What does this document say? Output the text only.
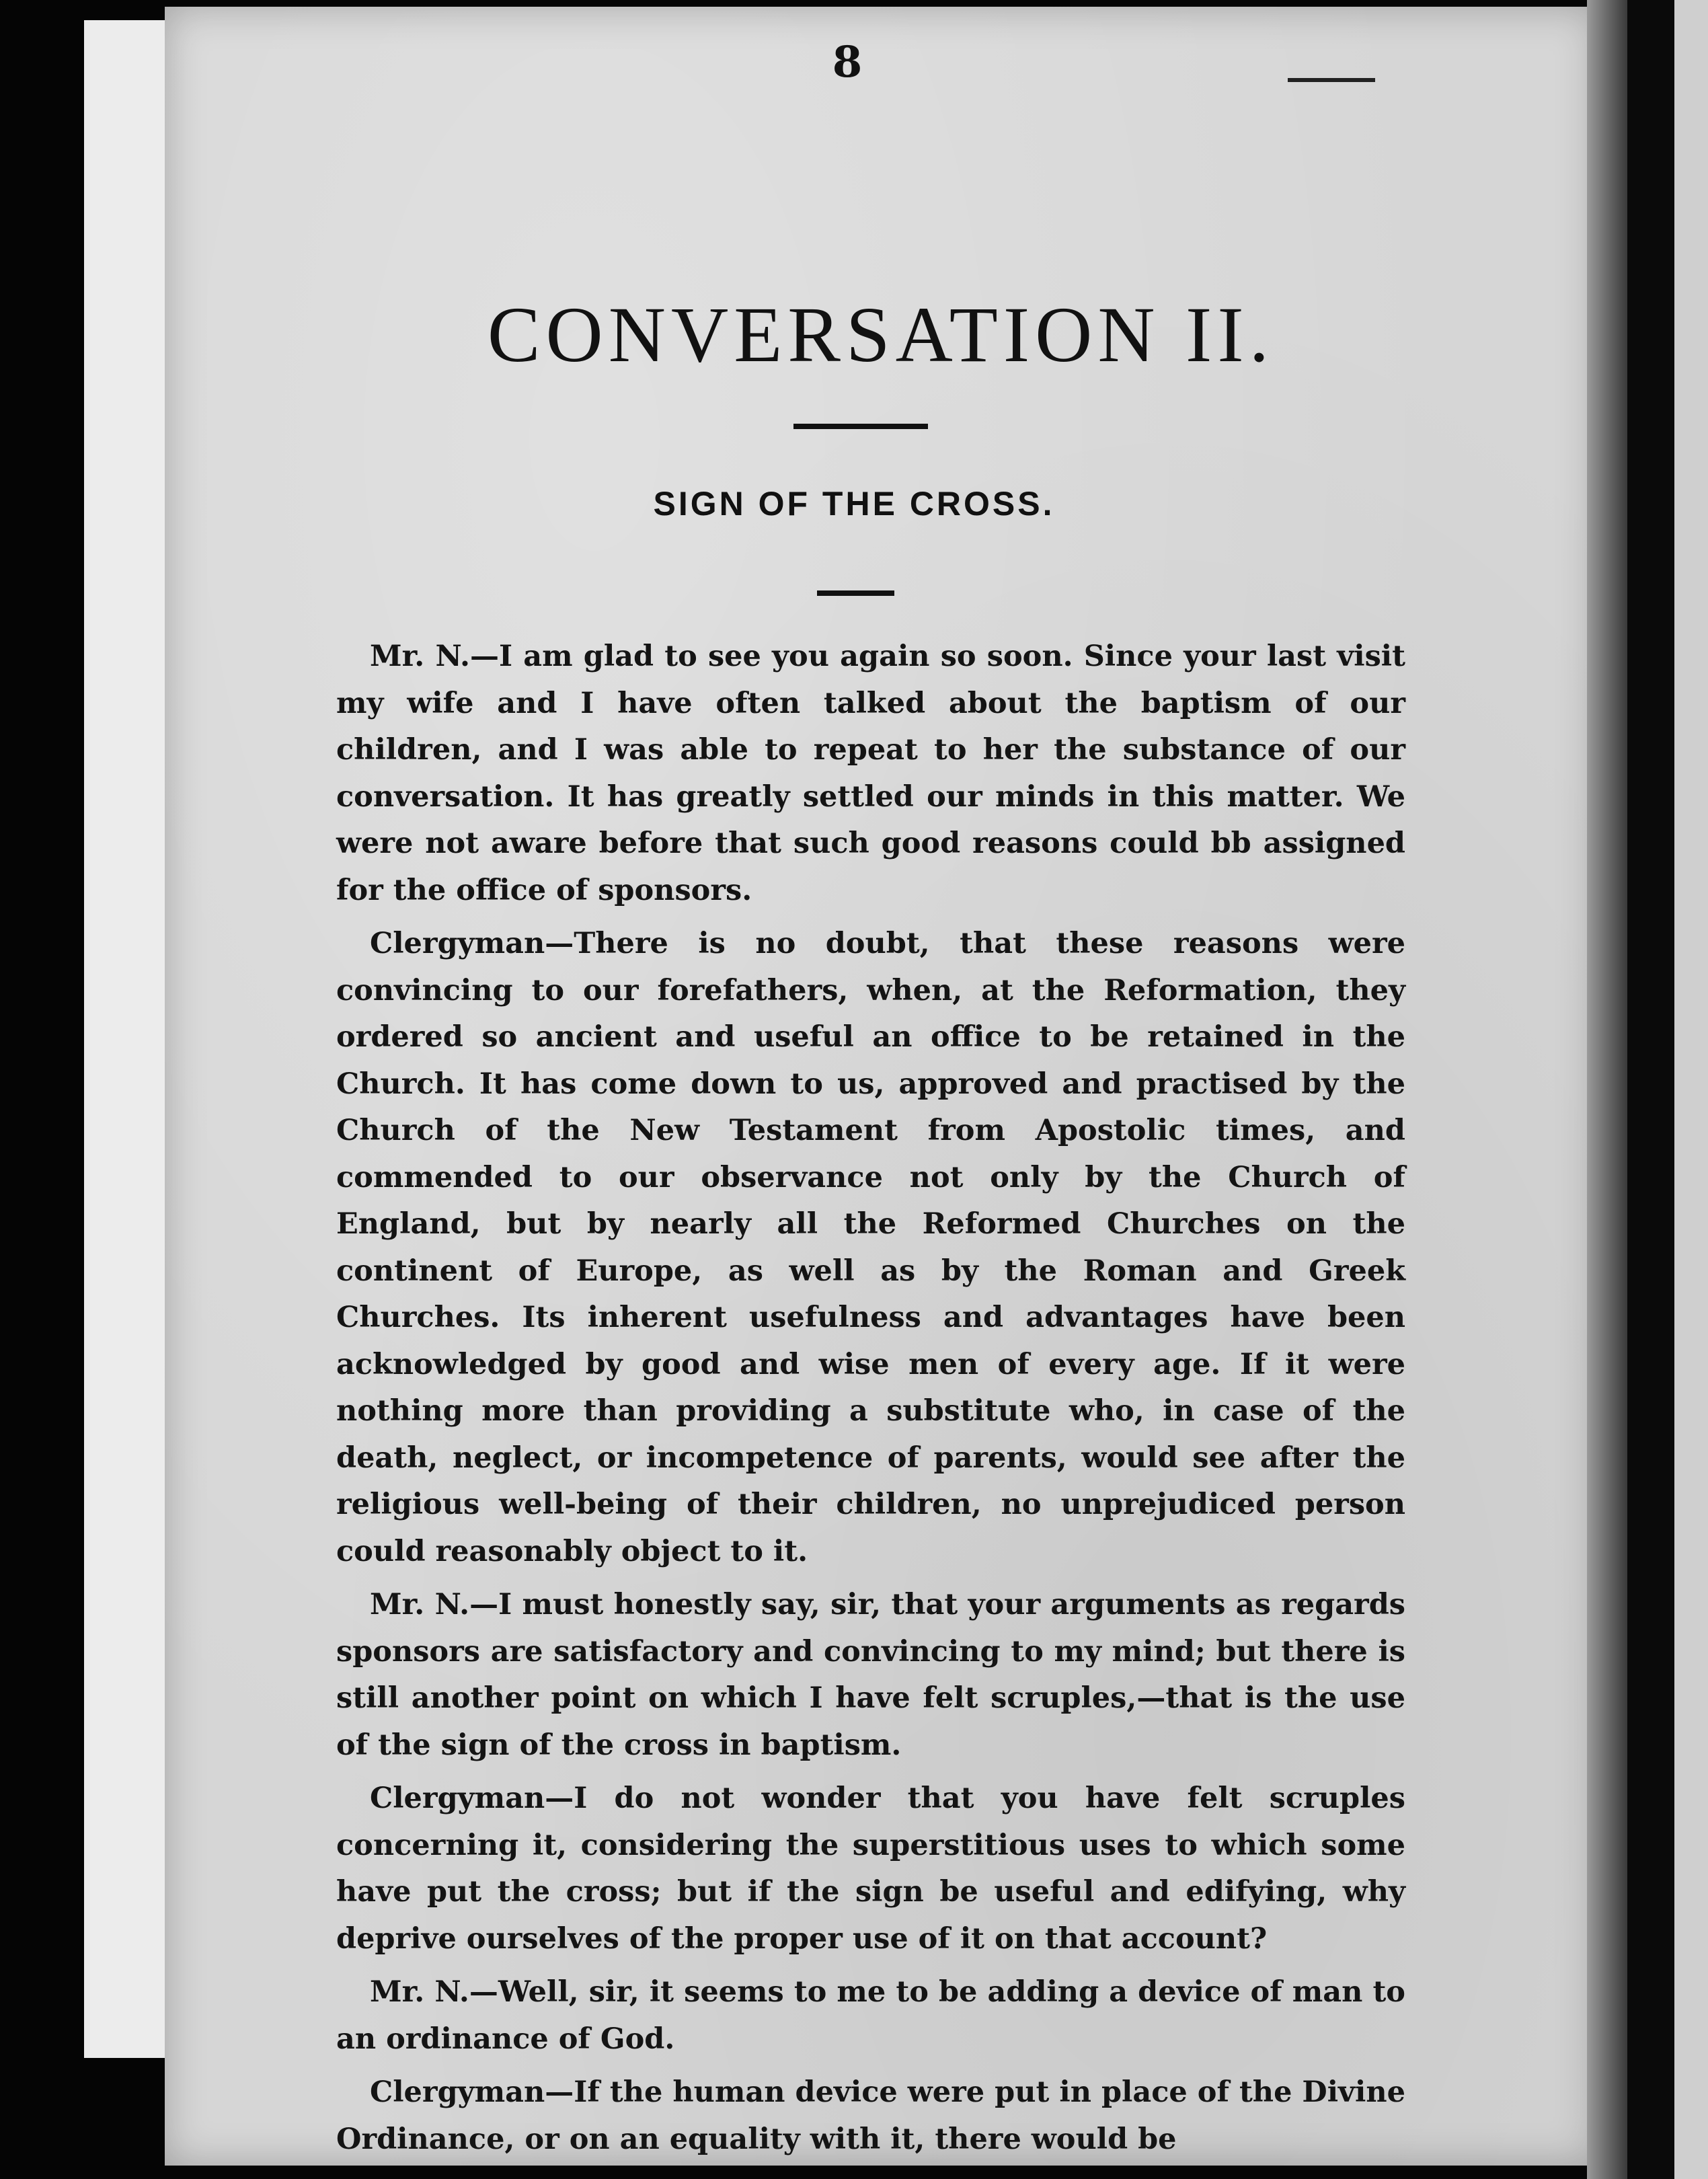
8
CONVERSATION II.
SIGN OF THE CROSS.

Mr. N.—I am glad to see you again so soon. Since your last visit my wife and I have often talked about the baptism of our children, and I was able to repeat to her the substance of our conversation. It has greatly settled our minds in this matter. We were not aware before that such good reasons could bb assigned for the office of sponsors.

Clergyman—There is no doubt, that these reasons were convincing to our forefathers, when, at the Reformation, they ordered so ancient and useful an office to be retained in the Church. It has come down to us, approved and practised by the Church of the New Testament from Apostolic times, and commended to our observance not only by the Church of England, but by nearly all the Reformed Churches on the continent of Europe, as well as by the Roman and Greek Churches. Its inherent usefulness and advantages have been acknowledged by good and wise men of every age. If it were nothing more than providing a substitute who, in case of the death, neglect, or incompetence of parents, would see after the religious well-being of their children, no unprejudiced person could reasonably object to it.

Mr. N.—I must honestly say, sir, that your arguments as regards sponsors are satisfactory and convincing to my mind; but there is still another point on which I have felt scruples,—that is the use of the sign of the cross in baptism.

Clergyman—I do not wonder that you have felt scruples concerning it, considering the superstitious uses to which some have put the cross; but if the sign be useful and edifying, why deprive ourselves of the proper use of it on that account?

Mr. N.—Well, sir, it seems to me to be adding a device of man to an ordinance of God.

Clergyman—If the human device were put in place of the Divine Ordinance, or on an equality with it, there would be
